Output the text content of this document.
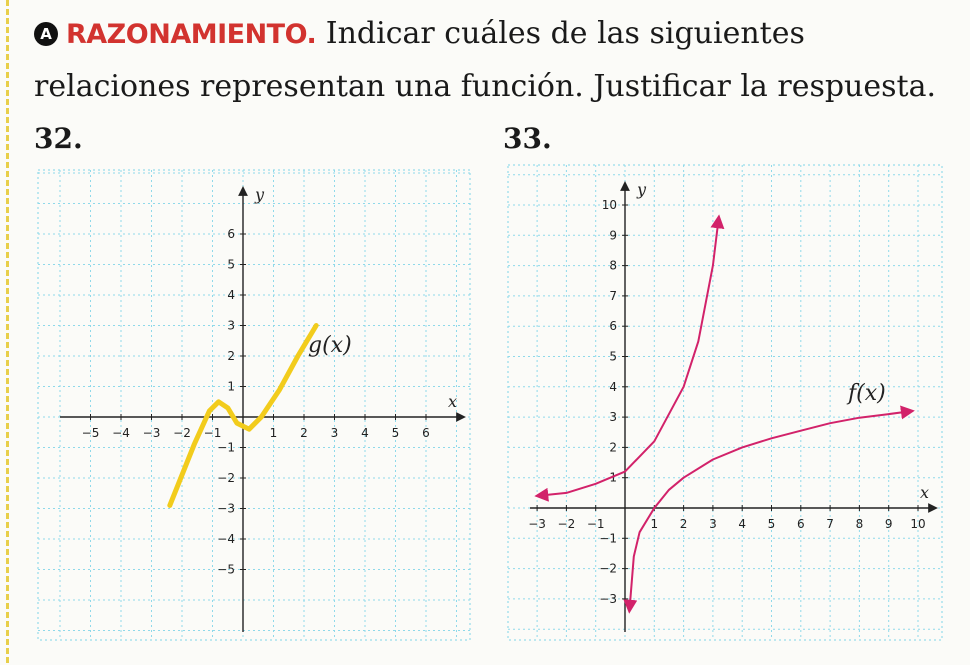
A RAZONAMIENTO. Indicar cuáles de las siguientes relaciones representan una función. Justificar la respuesta.
32.	33.
−5 −4 −3 −2 −1	1 2 3 4 5 6
6
5
4
3
2
1
−1
−2
−3
−4
−5
y
x
g(x)
−3 −2 −1	1 2 3 4 5 6 7 8 9 10
10
9
8
7
6
5
4
3
2
1
−1
−2
−3
y
x
f(x)
